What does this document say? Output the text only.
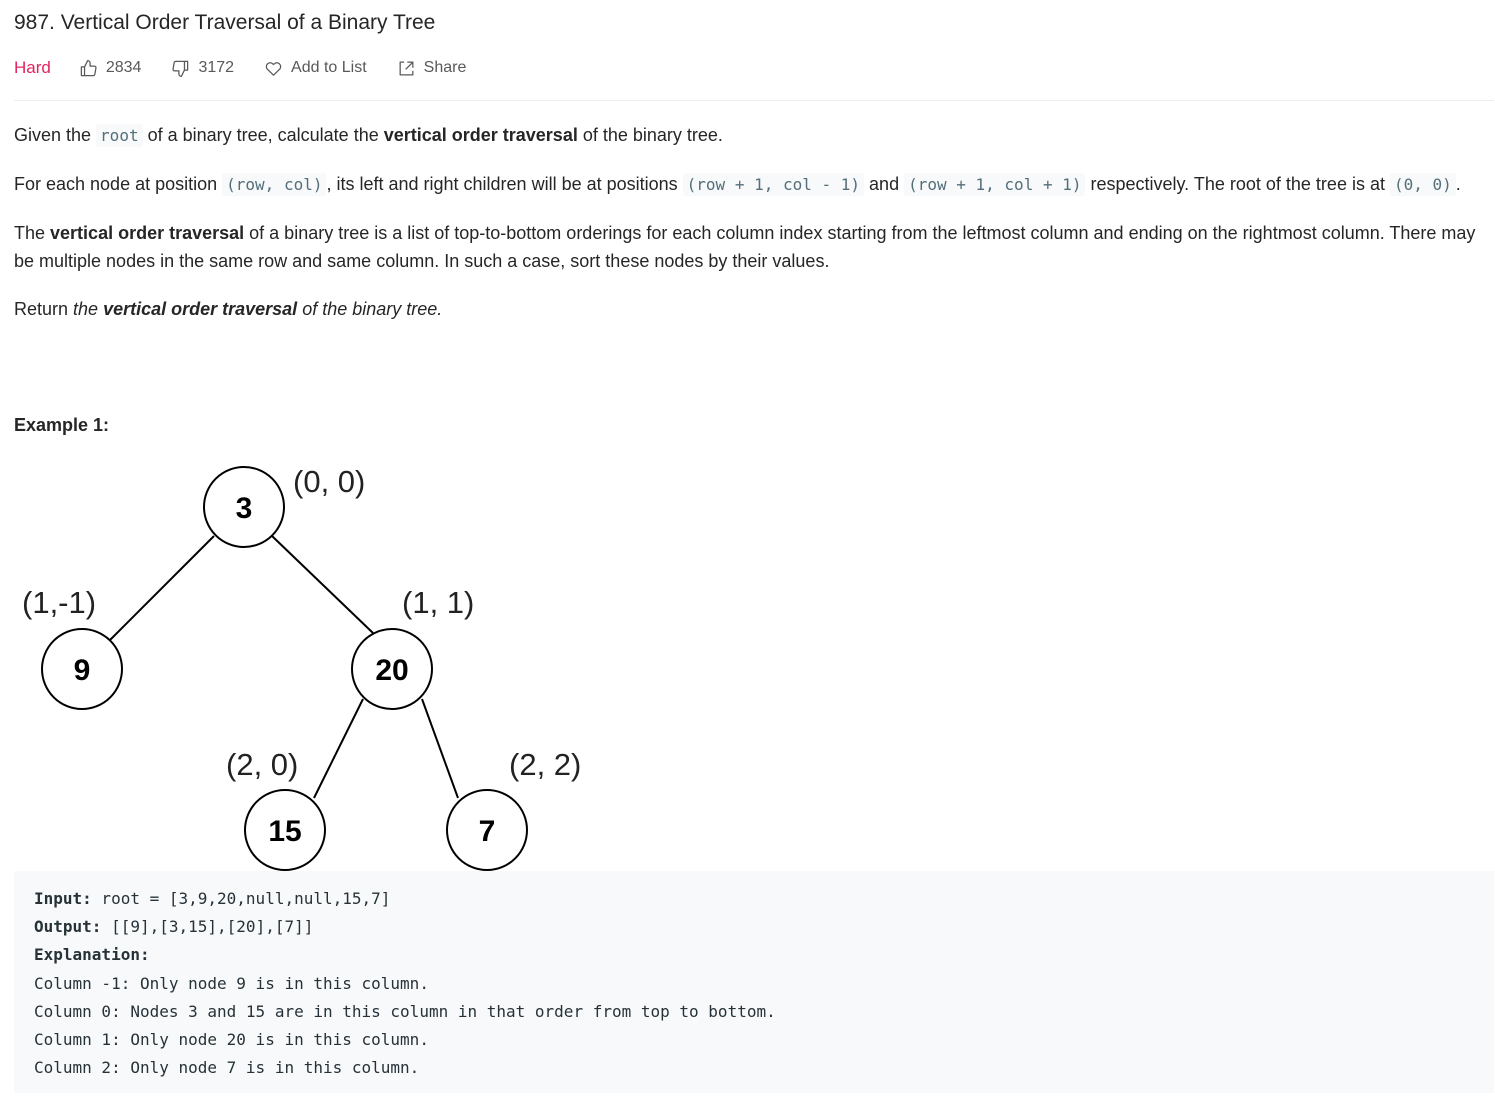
987. Vertical Order Traversal of a Binary Tree
Hard	2834	3172	Add to List	Share

Given the root of a binary tree, calculate the vertical order traversal of the binary tree.

For each node at position (row, col) , its left and right children will be at positions (row + 1, col - 1) and (row + 1, col + 1) respectively. The root of the tree is at (0, 0) .

The vertical order traversal of a binary tree is a list of top-to-bottom orderings for each column index starting from the leftmost column and ending on the rightmost column. There may be multiple nodes in the same row and same column. In such a case, sort these nodes by their values.

Return the vertical order traversal of the binary tree.

Example 1:
3
9	20
15	7
(0, 0)
(1,-1)	(1, 1)
(2, 0)	(2, 2)
Input: root = [3,9,20,null,null,15,7]
Output: [[9],[3,15],[20],[7]]
Explanation:
Column -1: Only node 9 is in this column.
Column 0: Nodes 3 and 15 are in this column in that order from top to bottom.
Column 1: Only node 20 is in this column.
Column 2: Only node 7 is in this column.
